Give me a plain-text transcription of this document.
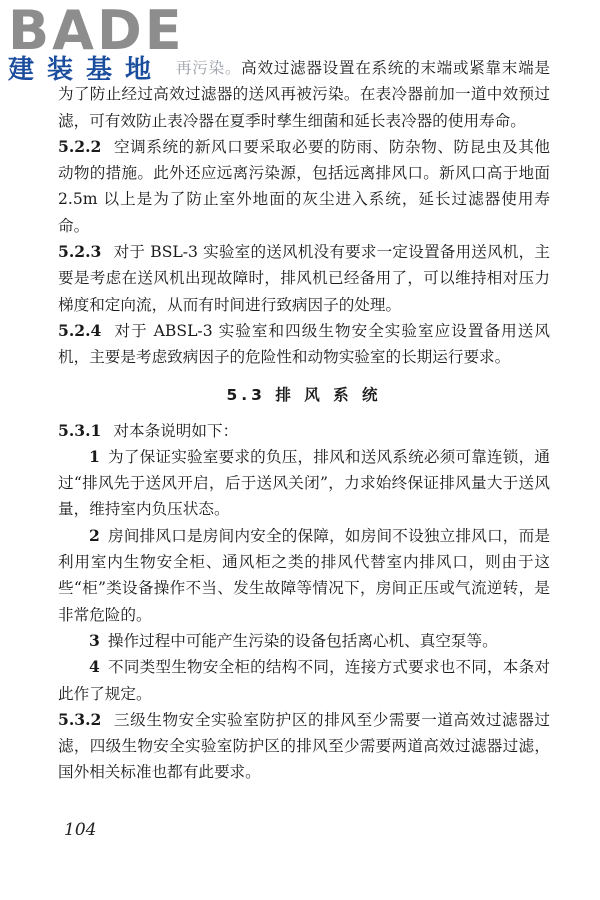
BADE
建装基地 再污染。高效过滤器设置在系统的末端或紧靠末端是为了防止经过高效过滤器的送风再被污染。在表冷器前加一道中效预过滤，可有效防止表冷器在夏季时孳生细菌和延长表冷器的使用寿命。

5.2.2 空调系统的新风口要采取必要的防雨、防杂物、防昆虫及其他动物的措施。此外还应远离污染源，包括远离排风口。新风口高于地面 2.5m 以上是为了防止室外地面的灰尘进入系统，延长过滤器使用寿命。

5.2.3 对于 BSL-3 实验室的送风机没有要求一定设置备用送风机，主要是考虑在送风机出现故障时，排风机已经备用了，可以维持相对压力梯度和定向流，从而有时间进行致病因子的处理。

5.2.4 对于 ABSL-3 实验室和四级生物安全实验室应设置备用送风机，主要是考虑致病因子的危险性和动物实验室的长期运行要求。

5.3 排 风 系 统

5.3.1 对本条说明如下：

1 为了保证实验室要求的负压，排风和送风系统必须可靠连锁，通过“排风先于送风开启，后于送风关闭”，力求始终保证排风量大于送风量，维持室内负压状态。

2 房间排风口是房间内安全的保障，如房间不设独立排风口，而是利用室内生物安全柜、通风柜之类的排风代替室内排风口，则由于这些“柜”类设备操作不当、发生故障等情况下，房间正压或气流逆转，是非常危险的。

3 操作过程中可能产生污染的设备包括离心机、真空泵等。

4 不同类型生物安全柜的结构不同，连接方式要求也不同，本条对此作了规定。

5.3.2 三级生物安全实验室防护区的排风至少需要一道高效过滤器过滤，四级生物安全实验室防护区的排风至少需要两道高效过滤器过滤，国外相关标准也都有此要求。

104
